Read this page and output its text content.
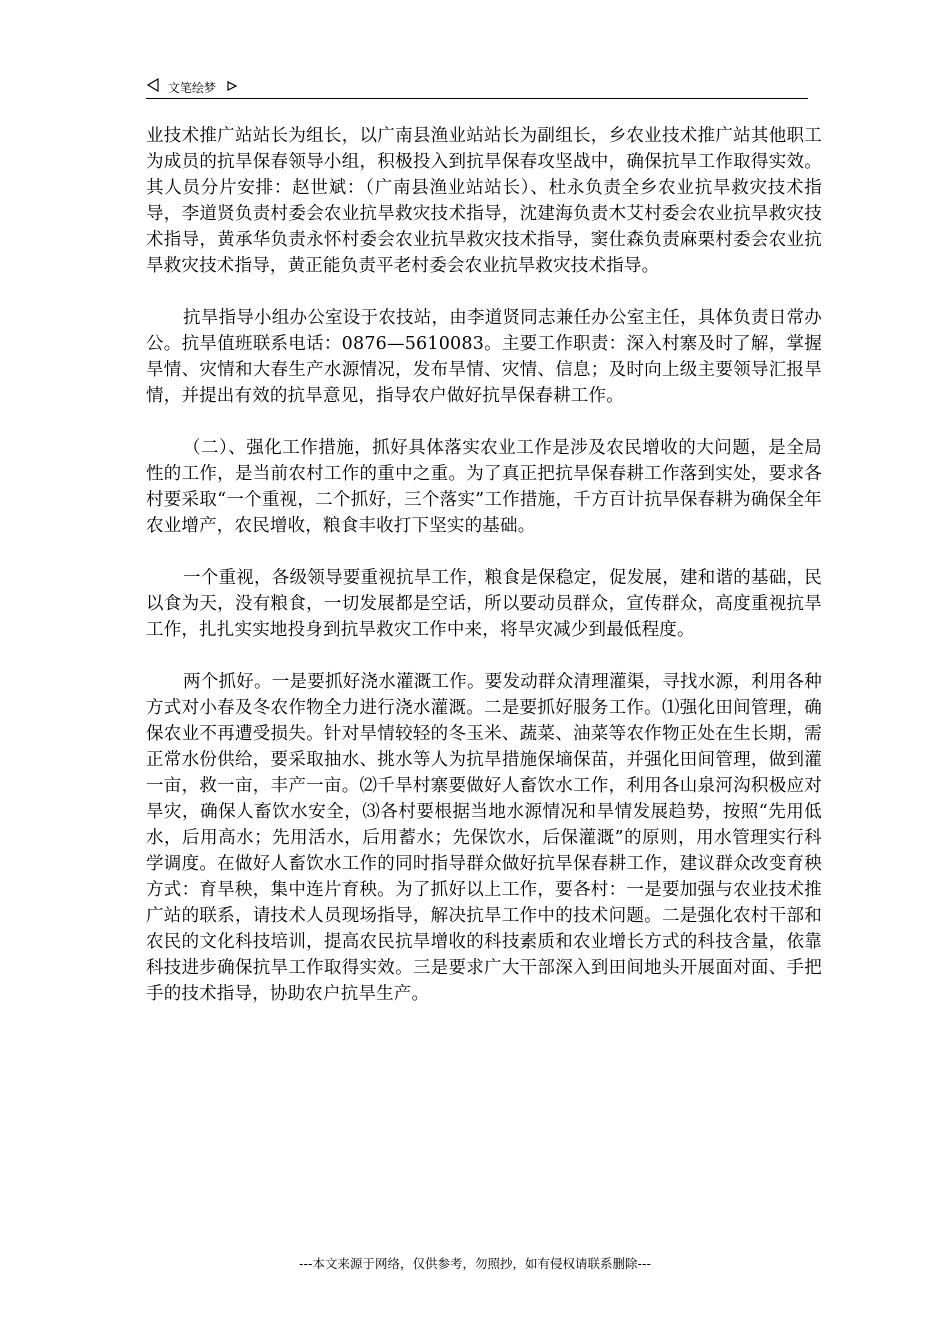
文笔绘梦

业技术推广站站长为组长，以广南县渔业站站长为副组长，乡农业技术推广站其他职工为成员的抗旱保春领导小组，积极投入到抗旱保春攻坚战中，确保抗旱工作取得实效。其人员分片安排：赵世斌：（广南县渔业站站长）、杜永负责全乡农业抗旱救灾技术指导，李道贤负责村委会农业抗旱救灾技术指导，沈建海负责木艾村委会农业抗旱救灾技术指导，黄承华负责永怀村委会农业抗旱救灾技术指导，窦仕森负责麻栗村委会农业抗旱救灾技术指导，黄正能负责平老村委会农业抗旱救灾技术指导。

抗旱指导小组办公室设于农技站，由李道贤同志兼任办公室主任，具体负责日常办公。抗旱值班联系电话：0876—5610083。主要工作职责：深入村寨及时了解，掌握旱情、灾情和大春生产水源情况，发布旱情、灾情、信息；及时向上级主要领导汇报旱情，并提出有效的抗旱意见，指导农户做好抗旱保春耕工作。

（二）、强化工作措施，抓好具体落实农业工作是涉及农民增收的大问题，是全局性的工作，是当前农村工作的重中之重。为了真正把抗旱保春耕工作落到实处，要求各村要采取“一个重视，二个抓好，三个落实”工作措施，千方百计抗旱保春耕为确保全年农业增产，农民增收，粮食丰收打下坚实的基础。

一个重视，各级领导要重视抗旱工作，粮食是保稳定，促发展，建和谐的基础，民以食为天，没有粮食，一切发展都是空话，所以要动员群众，宣传群众，高度重视抗旱工作，扎扎实实地投身到抗旱救灾工作中来，将旱灾减少到最低程度。

两个抓好。一是要抓好浇水灌溉工作。要发动群众清理灌渠，寻找水源，利用各种方式对小春及冬农作物全力进行浇水灌溉。二是要抓好服务工作。⑴强化田间管理，确保农业不再遭受损失。针对旱情较轻的冬玉米、蔬菜、油菜等农作物正处在生长期，需正常水份供给，要采取抽水、挑水等人为抗旱措施保墒保苗，并强化田间管理，做到灌一亩，救一亩，丰产一亩。⑵千旱村寨要做好人畜饮水工作，利用各山泉河沟积极应对旱灾，确保人畜饮水安全，⑶各村要根据当地水源情况和旱情发展趋势，按照“先用低水，后用高水；先用活水，后用蓄水；先保饮水，后保灌溉”的原则，用水管理实行科学调度。在做好人畜饮水工作的同时指导群众做好抗旱保春耕工作，建议群众改变育秧方式：育旱秧，集中连片育秧。为了抓好以上工作，要各村：一是要加强与农业技术推广站的联系，请技术人员现场指导，解决抗旱工作中的技术问题。二是强化农村干部和农民的文化科技培训，提高农民抗旱增收的科技素质和农业增长方式的科技含量，依靠科技进步确保抗旱工作取得实效。三是要求广大干部深入到田间地头开展面对面、手把手的技术指导，协助农户抗旱生产。

---本文来源于网络，仅供参考，勿照抄，如有侵权请联系删除---
